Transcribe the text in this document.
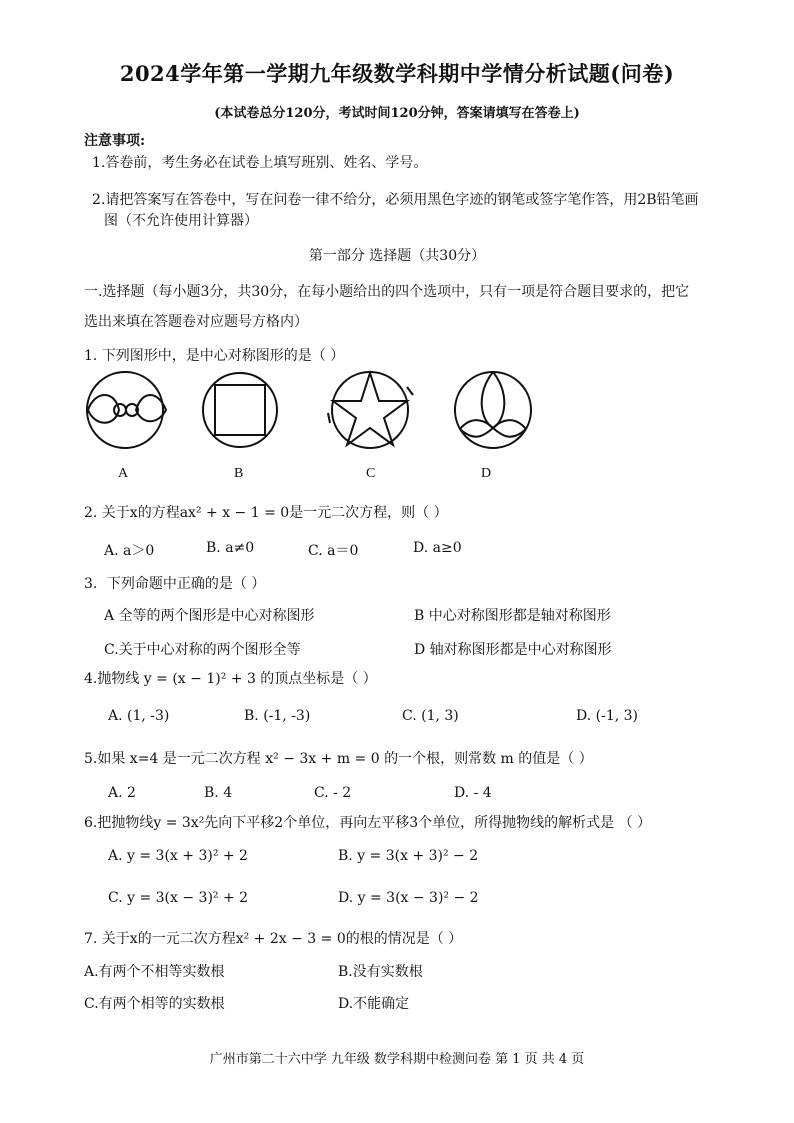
2024学年第一学期九年级数学科期中学情分析试题(问卷)
(本试卷总分120分，考试时间120分钟，答案请填写在答卷上)
注意事项:
1.答卷前，考生务必在试卷上填写班别、姓名、学号。
2.请把答案写在答卷中，写在问卷一律不给分，必须用黑色字迹的钢笔或签字笔作答，用2B铅笔画
图（不允许使用计算器）
第一部分 选择题（共30分）
一.选择题（每小题3分，共30分，在每小题给出的四个选项中，只有一项是符合题目要求的，把它
选出来填在答题卷对应题号方格内）
1. 下列图形中，是中心对称图形的是（ ）
A	B	C	D
2. 关于x的方程ax² + x − 1 = 0是一元二次方程，则（ ）
A. a＞0	B. a≠0	C. a＝0	D. a≥0
3．下列命题中正确的是（ ）
A 全等的两个图形是中心对称图形	B 中心对称图形都是轴对称图形
C.关于中心对称的两个图形全等	D 轴对称图形都是中心对称图形
4.抛物线 y = (x − 1)² + 3 的顶点坐标是（ ）
A. (1, -3)	B. (-1, -3)	C. (1, 3)	D. (-1, 3)
5.如果 x=4 是一元二次方程 x² − 3x + m = 0 的一个根，则常数 m 的值是（ ）
A. 2	B. 4	C. - 2	D. - 4
6.把抛物线y = 3x²先向下平移2个单位，再向左平移3个单位，所得抛物线的解析式是 （ ）
A. y = 3(x + 3)² + 2	B. y = 3(x + 3)² − 2
C. y = 3(x − 3)² + 2	D. y = 3(x − 3)² − 2
7. 关于x的一元二次方程x² + 2x − 3 = 0的根的情况是（ ）
A.有两个不相等实数根	B.没有实数根
C.有两个相等的实数根	D.不能确定
广州市第二十六中学 九年级 数学科期中检测问卷 第 1 页 共 4 页
